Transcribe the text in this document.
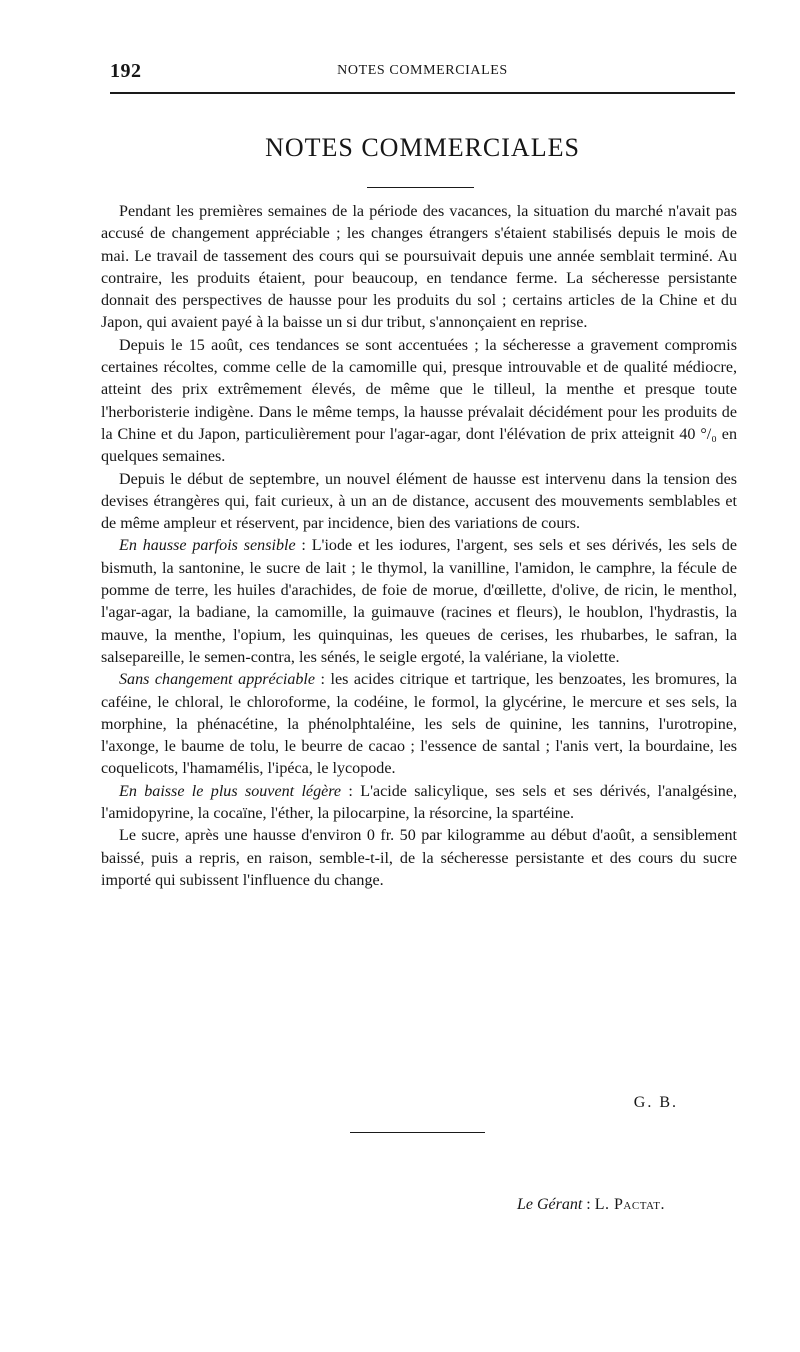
192	NOTES COMMERCIALES
NOTES COMMERCIALES

Pendant les premières semaines de la période des vacances, la situation du marché n'avait pas accusé de changement appréciable ; les changes étrangers s'étaient stabilisés depuis le mois de mai. Le travail de tassement des cours qui se poursuivait depuis une année semblait terminé. Au contraire, les produits étaient, pour beaucoup, en tendance ferme. La sécheresse persistante donnait des perspectives de hausse pour les produits du sol ; certains articles de la Chine et du Japon, qui avaient payé à la baisse un si dur tribut, s'annonçaient en reprise.

Depuis le 15 août, ces tendances se sont accentuées ; la sécheresse a gravement compromis certaines récoltes, comme celle de la camomille qui, presque introuvable et de qualité médiocre, atteint des prix extrêmement élevés, de même que le tilleul, la menthe et presque toute l'herboristerie indigène. Dans le même temps, la hausse prévalait décidément pour les produits de la Chine et du Japon, particulièrement pour l'agar-agar, dont l'élévation de prix atteignit 40 °/₀ en quelques semaines.

Depuis le début de septembre, un nouvel élément de hausse est intervenu dans la tension des devises étrangères qui, fait curieux, à un an de distance, accusent des mouvements semblables et de même ampleur et réservent, par incidence, bien des variations de cours.

En hausse parfois sensible : L'iode et les iodures, l'argent, ses sels et ses dérivés, les sels de bismuth, la santonine, le sucre de lait ; le thymol, la vanilline, l'amidon, le camphre, la fécule de pomme de terre, les huiles d'arachides, de foie de morue, d'œillette, d'olive, de ricin, le menthol, l'agar-agar, la badiane, la camomille, la guimauve (racines et fleurs), le houblon, l'hydrastis, la mauve, la menthe, l'opium, les quinquinas, les queues de cerises, les rhubarbes, le safran, la salsepareille, le semen-contra, les sénés, le seigle ergoté, la valériane, la violette.

Sans changement appréciable : les acides citrique et tartrique, les benzoates, les bromures, la caféine, le chloral, le chloroforme, la codéine, le formol, la glycérine, le mercure et ses sels, la morphine, la phénacétine, la phénolphtaléine, les sels de quinine, les tannins, l'urotropine, l'axonge, le baume de tolu, le beurre de cacao ; l'essence de santal ; l'anis vert, la bourdaine, les coquelicots, l'hamamélis, l'ipéca, le lycopode.

En baisse le plus souvent légère : L'acide salicylique, ses sels et ses dérivés, l'analgésine, l'amidopyrine, la cocaïne, l'éther, la pilocarpine, la résorcine, la spartéine.

Le sucre, après une hausse d'environ 0 fr. 50 par kilogramme au début d'août, a sensiblement baissé, puis a repris, en raison, semble-t-il, de la sécheresse persistante et des cours du sucre importé qui subissent l'influence du change.

G. B.
Le Gérant : L. Pactat.
